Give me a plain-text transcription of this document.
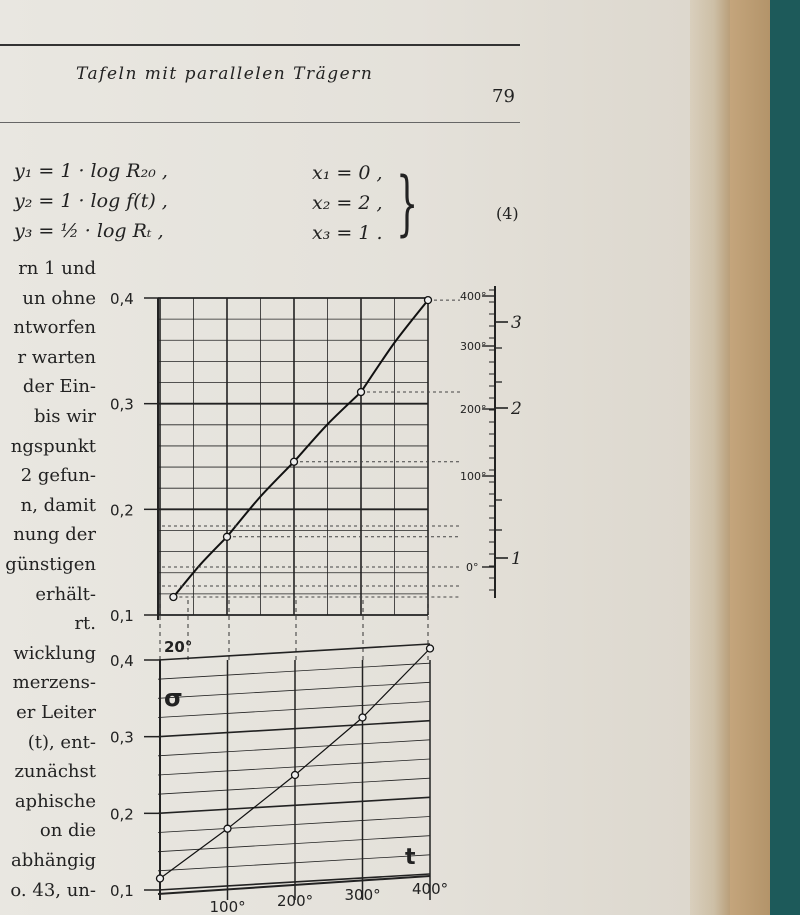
Tafeln mit parallelen Trägern
79
y₁ = 1 · log R₂₀ ,
y₂ = 1 · log f(t) ,
y₃ = ½ · log Rₜ ,
x₁ = 0 ,
x₂ = 2 ,
x₃ = 1 . }	(4)
rn 1 und
un ohne
ntworfen
r warten
der Ein-
bis wir
ngspunkt
2 gefun-
n, damit
nung der
günstigen
erhält-
rt.
wicklung
merzens-
er Leiter
(t), ent-
zunächst
aphische
on die
abhängig
o. 43, un-
0,1
0,2
0,3
0,4
20°
0,1
0,2
0,3
0,4
100° 200° 300° 400°
σ
t
0°
100°
200°
300°
400°
1
2
3
